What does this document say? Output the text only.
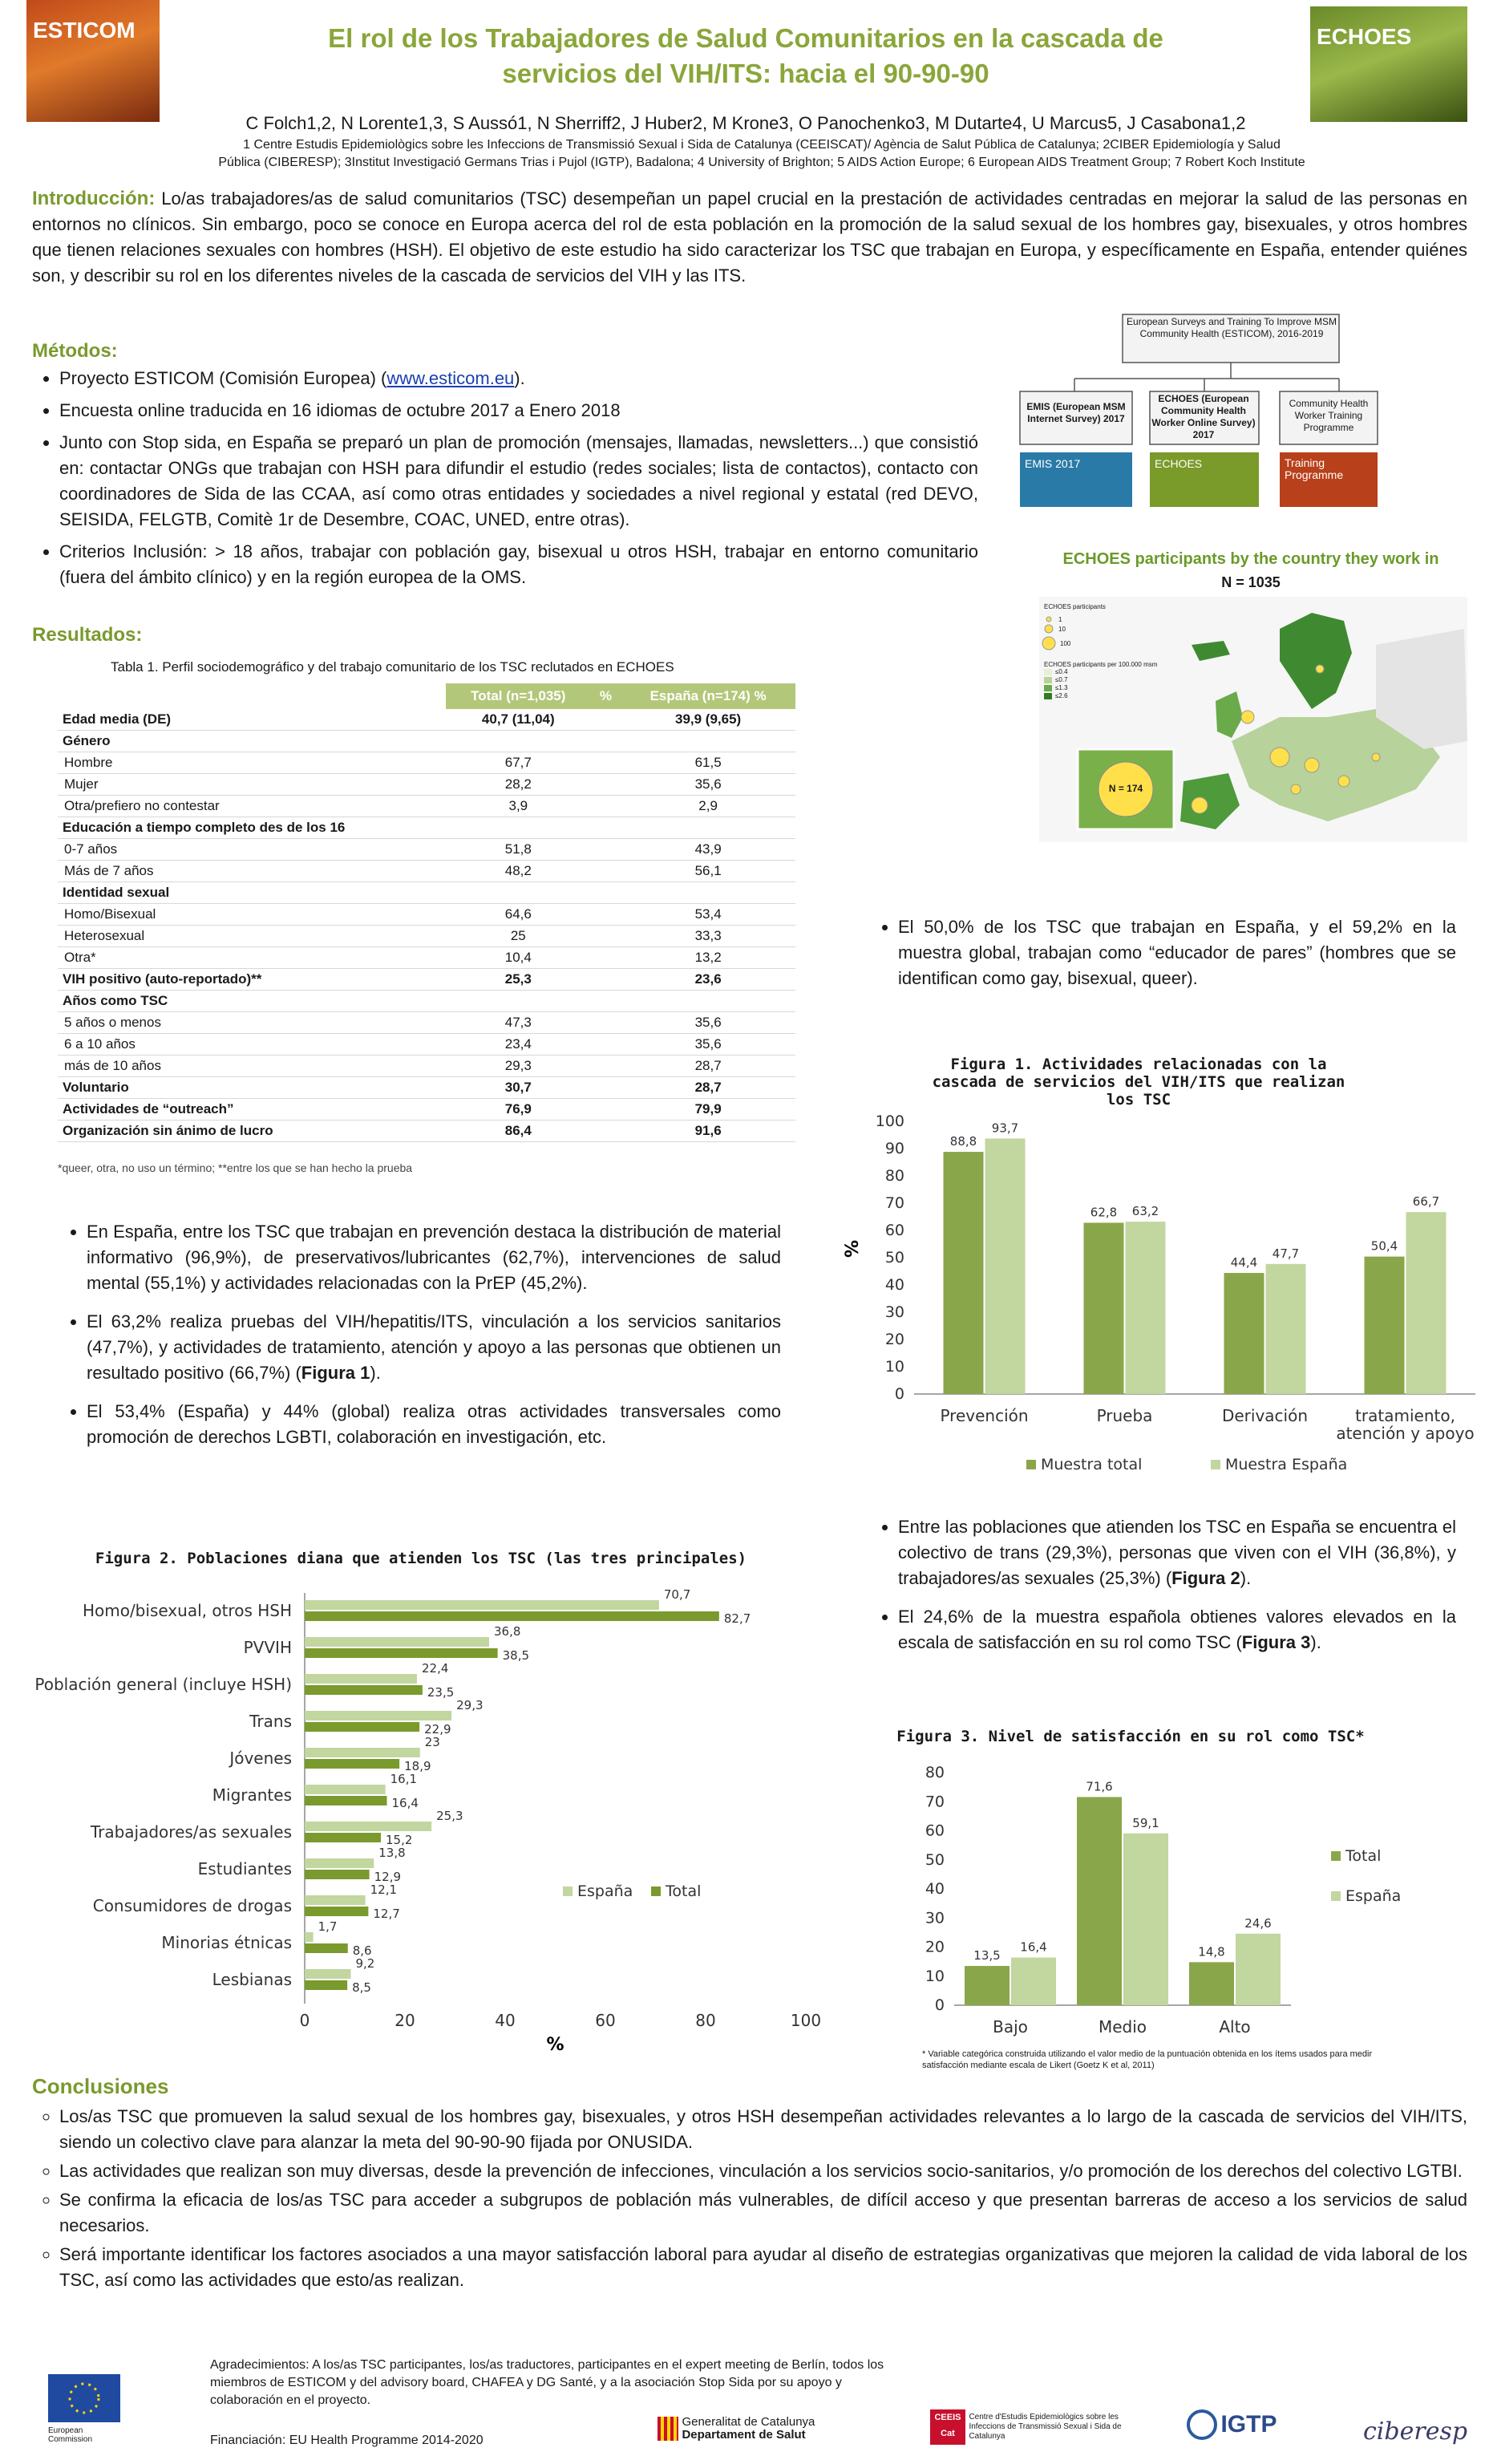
ESTICOM	ECHOES
El rol de los Trabajadores de Salud Comunitarios en la cascada de
servicios del VIH/ITS: hacia el 90-90-90
C Folch1,2, N Lorente1,3, S Aussó1, N Sherriff2, J Huber2, M Krone3, O Panochenko3, M Dutarte4, U Marcus5, J Casabona1,2
1 Centre Estudis Epidemiològics sobre les Infeccions de Transmissió Sexual i Sida de Catalunya (CEEISCAT)/ Agència de Salut Pública de Catalunya; 2CIBER Epidemiología y Salud
Pública (CIBERESP); 3Institut Investigació Germans Trias i Pujol (IGTP), Badalona; 4 University of Brighton; 5 AIDS Action Europe; 6 European AIDS Treatment Group; 7 Robert Koch Institute
Introducción: Lo/as trabajadores/as de salud comunitarios (TSC) desempeñan un papel crucial en la prestación de actividades centradas en mejorar la salud de las personas en entornos no clínicos. Sin embargo, poco se conoce en Europa acerca del rol de esta población en la promoción de la salud sexual de los hombres gay, bisexuales, y otros hombres que tienen relaciones sexuales con hombres (HSH). El objetivo de este estudio ha sido caracterizar los TSC que trabajan en Europa, y específicamente en España, entender quiénes son, y describir su rol en los diferentes niveles de la cascada de servicios del VIH y las ITS.
Métodos:
• Proyecto ESTICOM (Comisión Europea) (www.esticom.eu).
• Encuesta online traducida en 16 idiomas de octubre 2017 a Enero 2018
• Junto con Stop sida, en España se preparó un plan de promoción (mensajes, llamadas, newsletters...) que consistió en: contactar ONGs que trabajan con HSH para difundir el estudio (redes sociales; lista de contactos), contacto con coordinadores de Sida de las CCAA, así como otras entidades y sociedades a nivel regional y estatal (red DEVO, SEISIDA, FELGTB, Comitè 1r de Desembre, COAC, UNED, entre otras).
• Criterios Inclusión: > 18 años, trabajar con población gay, bisexual u otros HSH, trabajar en entorno comunitario (fuera del ámbito clínico) y en la región europea de la OMS.
European Surveys and Training To Improve MSM Community Health (ESTICOM), 2016-2019
EMIS (European MSM Internet Survey) 2017
ECHOES (European Community Health Worker Online Survey) 2017
Community Health Worker Training Programme
EMIS 2017	ECHOES	Training Programme
ECHOES participants by the country they work in
N = 1035
ECHOES participants
1
10
100
ECHOES participants per 100.000 msm
≤0.4
≤0.7
≤1.3
≤2.6
N = 174
Resultados:
Tabla 1. Perfil sociodemográfico y del trabajo comunitario de los TSC reclutados en ECHOES
	Total (n=1,035)	%	España (n=174) %
Edad media (DE)	40,7 (11,04)		39,9 (9,65)
Género			
Hombre	67,7		61,5
Mujer	28,2		35,6
Otra/prefiero no contestar	3,9		2,9
Educación a tiempo completo des de los 16			
0-7 años	51,8		43,9
Más de 7 años	48,2		56,1
Identidad sexual			
Homo/Bisexual	64,6		53,4
Heterosexual	25		33,3
Otra*	10,4		13,2
VIH positivo (auto-reportado)**	25,3		23,6
Años como TSC			
5 años o menos	47,3		35,6
6 a 10 años	23,4		35,6
más de 10 años	29,3		28,7
Voluntario	30,7		28,7
Actividades de “outreach”	76,9		79,9
Organización sin ánimo de lucro	86,4		91,6
*queer, otra, no uso un término; **entre los que se han hecho la prueba
• En España, entre los TSC que trabajan en prevención destaca la distribución de material informativo (96,9%), de preservativos/lubricantes (62,7%), intervenciones de salud mental (55,1%) y actividades relacionadas con la PrEP (45,2%).
• El 63,2% realiza pruebas del VIH/hepatitis/ITS, vinculación a los servicios sanitarios (47,7%), y actividades de tratamiento, atención y apoyo a las personas que obtienen un resultado positivo (66,7%) (Figura 1).
• El 53,4% (España) y 44% (global) realiza otras actividades transversales como promoción de derechos LGBTI, colaboración en investigación, etc.
• El 50,0% de los TSC que trabajan en España, y el 59,2% en la muestra global, trabajan como “educador de pares” (hombres que se identifican como gay, bisexual, queer).
• Entre las poblaciones que atienden los TSC en España se encuentra el colectivo de trans (29,3%), personas que viven con el VIH (36,8%), y trabajadores/as sexuales (25,3%) (Figura 2).
• El 24,6% de la muestra española obtienes valores elevados en la escala de satisfacción en su rol como TSC (Figura 3).
Figura 1. Actividades relacionadas con la cascada de servicios del VIH/ITS que realizan los TSC
0
10
20
30
40
50
60
70
80
90
100
%
88,8
93,7
Prevención
62,8 63,2
Prueba
44,4
47,7
Derivación
50,4
66,7
tratamiento,
atención y apoyo
Muestra total	Muestra España
Figura 2. Poblaciones diana que atienden los TSC (las tres principales)
0	20	40	60	80	100
%
Homo/bisexual, otros HSH
70,7
82,7
PVVIH
36,8
38,5
Población general (incluye HSH)
22,4
23,5
Trans
29,3
22,9
Jóvenes
23
18,9
Migrantes
16,1
16,4
Trabajadores/as sexuales
25,3
15,2
Estudiantes
13,8
12,9
Consumidores de drogas
12,1
12,7
Minorias étnicas
1,7
8,6
Lesbianas
9,2
8,5
España Total
Figura 3. Nivel de satisfacción en su rol como TSC*
0
10
20
30
40
50
60
70
80
13,5
16,4
Bajo
71,6
59,1
Medio
14,8
24,6
Alto
Total
España
* Variable categórica construida utilizando el valor medio de la puntuación obtenida en los ítems usados para medir satisfacción mediante escala de Likert (Goetz K et al, 2011)
Conclusiones
◦ Los/as TSC que promueven la salud sexual de los hombres gay, bisexuales, y otros HSH desempeñan actividades relevantes a lo largo de la cascada de servicios del VIH/ITS, siendo un colectivo clave para alanzar la meta del 90-90-90 fijada por ONUSIDA.
◦ Las actividades que realizan son muy diversas, desde la prevención de infecciones, vinculación a los servicios socio-sanitarios, y/o promoción de los derechos del colectivo LGTBI.
◦ Se confirma la eficacia de los/as TSC para acceder a subgrupos de población más vulnerables, de difícil acceso y que presentan barreras de acceso a los servicios de salud necesarios.
◦ Será importante identificar los factores asociados a una mayor satisfacción laboral para ayudar al diseño de estrategias organizativas que mejoren la calidad de vida laboral de los TSC, así como las actividades que esto/as realizan.
European Commission
Agradecimientos: A los/as TSC participantes, los/as traductores, participantes en el expert meeting de Berlín, todos los miembros de ESTICOM y del advisory board, CHAFEA y DG Santé, y a la asociación Stop Sida por su apoyo y colaboración en el proyecto.
Financiación: EU Health Programme 2014-2020
Generalitat de Catalunya
Departament de Salut
CEEIS Cat Centre d'Estudis Epidemiològics sobre les Infeccions de Transmissió Sexual i Sida de Catalunya	IGTP	ciberesp
